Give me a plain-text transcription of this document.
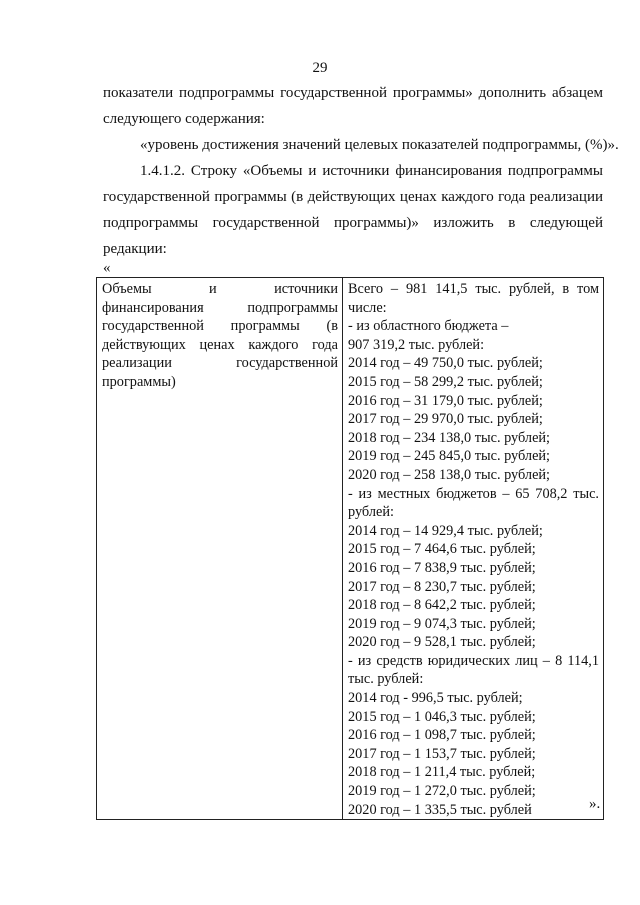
29
показатели подпрограммы государственной программы» дополнить абзацем
следующего содержания:
«уровень достижения значений целевых показателей подпрограммы, (%)».
1.4.1.2. Строку «Объемы и источники финансирования подпрограммы
государственной программы (в действующих ценах каждого года реализации
подпрограммы государственной программы)» изложить в следующей
редакции:
«
Объемы и источники
финансирования подпрограммы
государственной программы (в
действующих ценах каждого года
реализации государственной
программы)

Всего – 981 141,5 тыс. рублей, в том
числе:
- из областного бюджета –
907 319,2 тыс. рублей:
2014 год – 49 750,0 тыс. рублей;
2015 год – 58 299,2 тыс. рублей;
2016 год – 31 179,0 тыс. рублей;
2017 год – 29 970,0 тыс. рублей;
2018 год – 234 138,0 тыс. рублей;
2019 год – 245 845,0 тыс. рублей;
2020 год – 258 138,0 тыс. рублей;
- из местных бюджетов – 65 708,2 тыс.
рублей:
2014 год – 14 929,4 тыс. рублей;
2015 год – 7 464,6 тыс. рублей;
2016 год – 7 838,9 тыс. рублей;
2017 год – 8 230,7 тыс. рублей;
2018 год – 8 642,2 тыс. рублей;
2019 год – 9 074,3 тыс. рублей;
2020 год – 9 528,1 тыс. рублей;
- из средств юридических лиц – 8 114,1
тыс. рублей:
2014 год - 996,5 тыс. рублей;
2015 год – 1 046,3 тыс. рублей;
2016 год – 1 098,7 тыс. рублей;
2017 год – 1 153,7 тыс. рублей;
2018 год – 1 211,4 тыс. рублей;
2019 год – 1 272,0 тыс. рублей;
2020 год – 1 335,5 тыс. рублей	».
